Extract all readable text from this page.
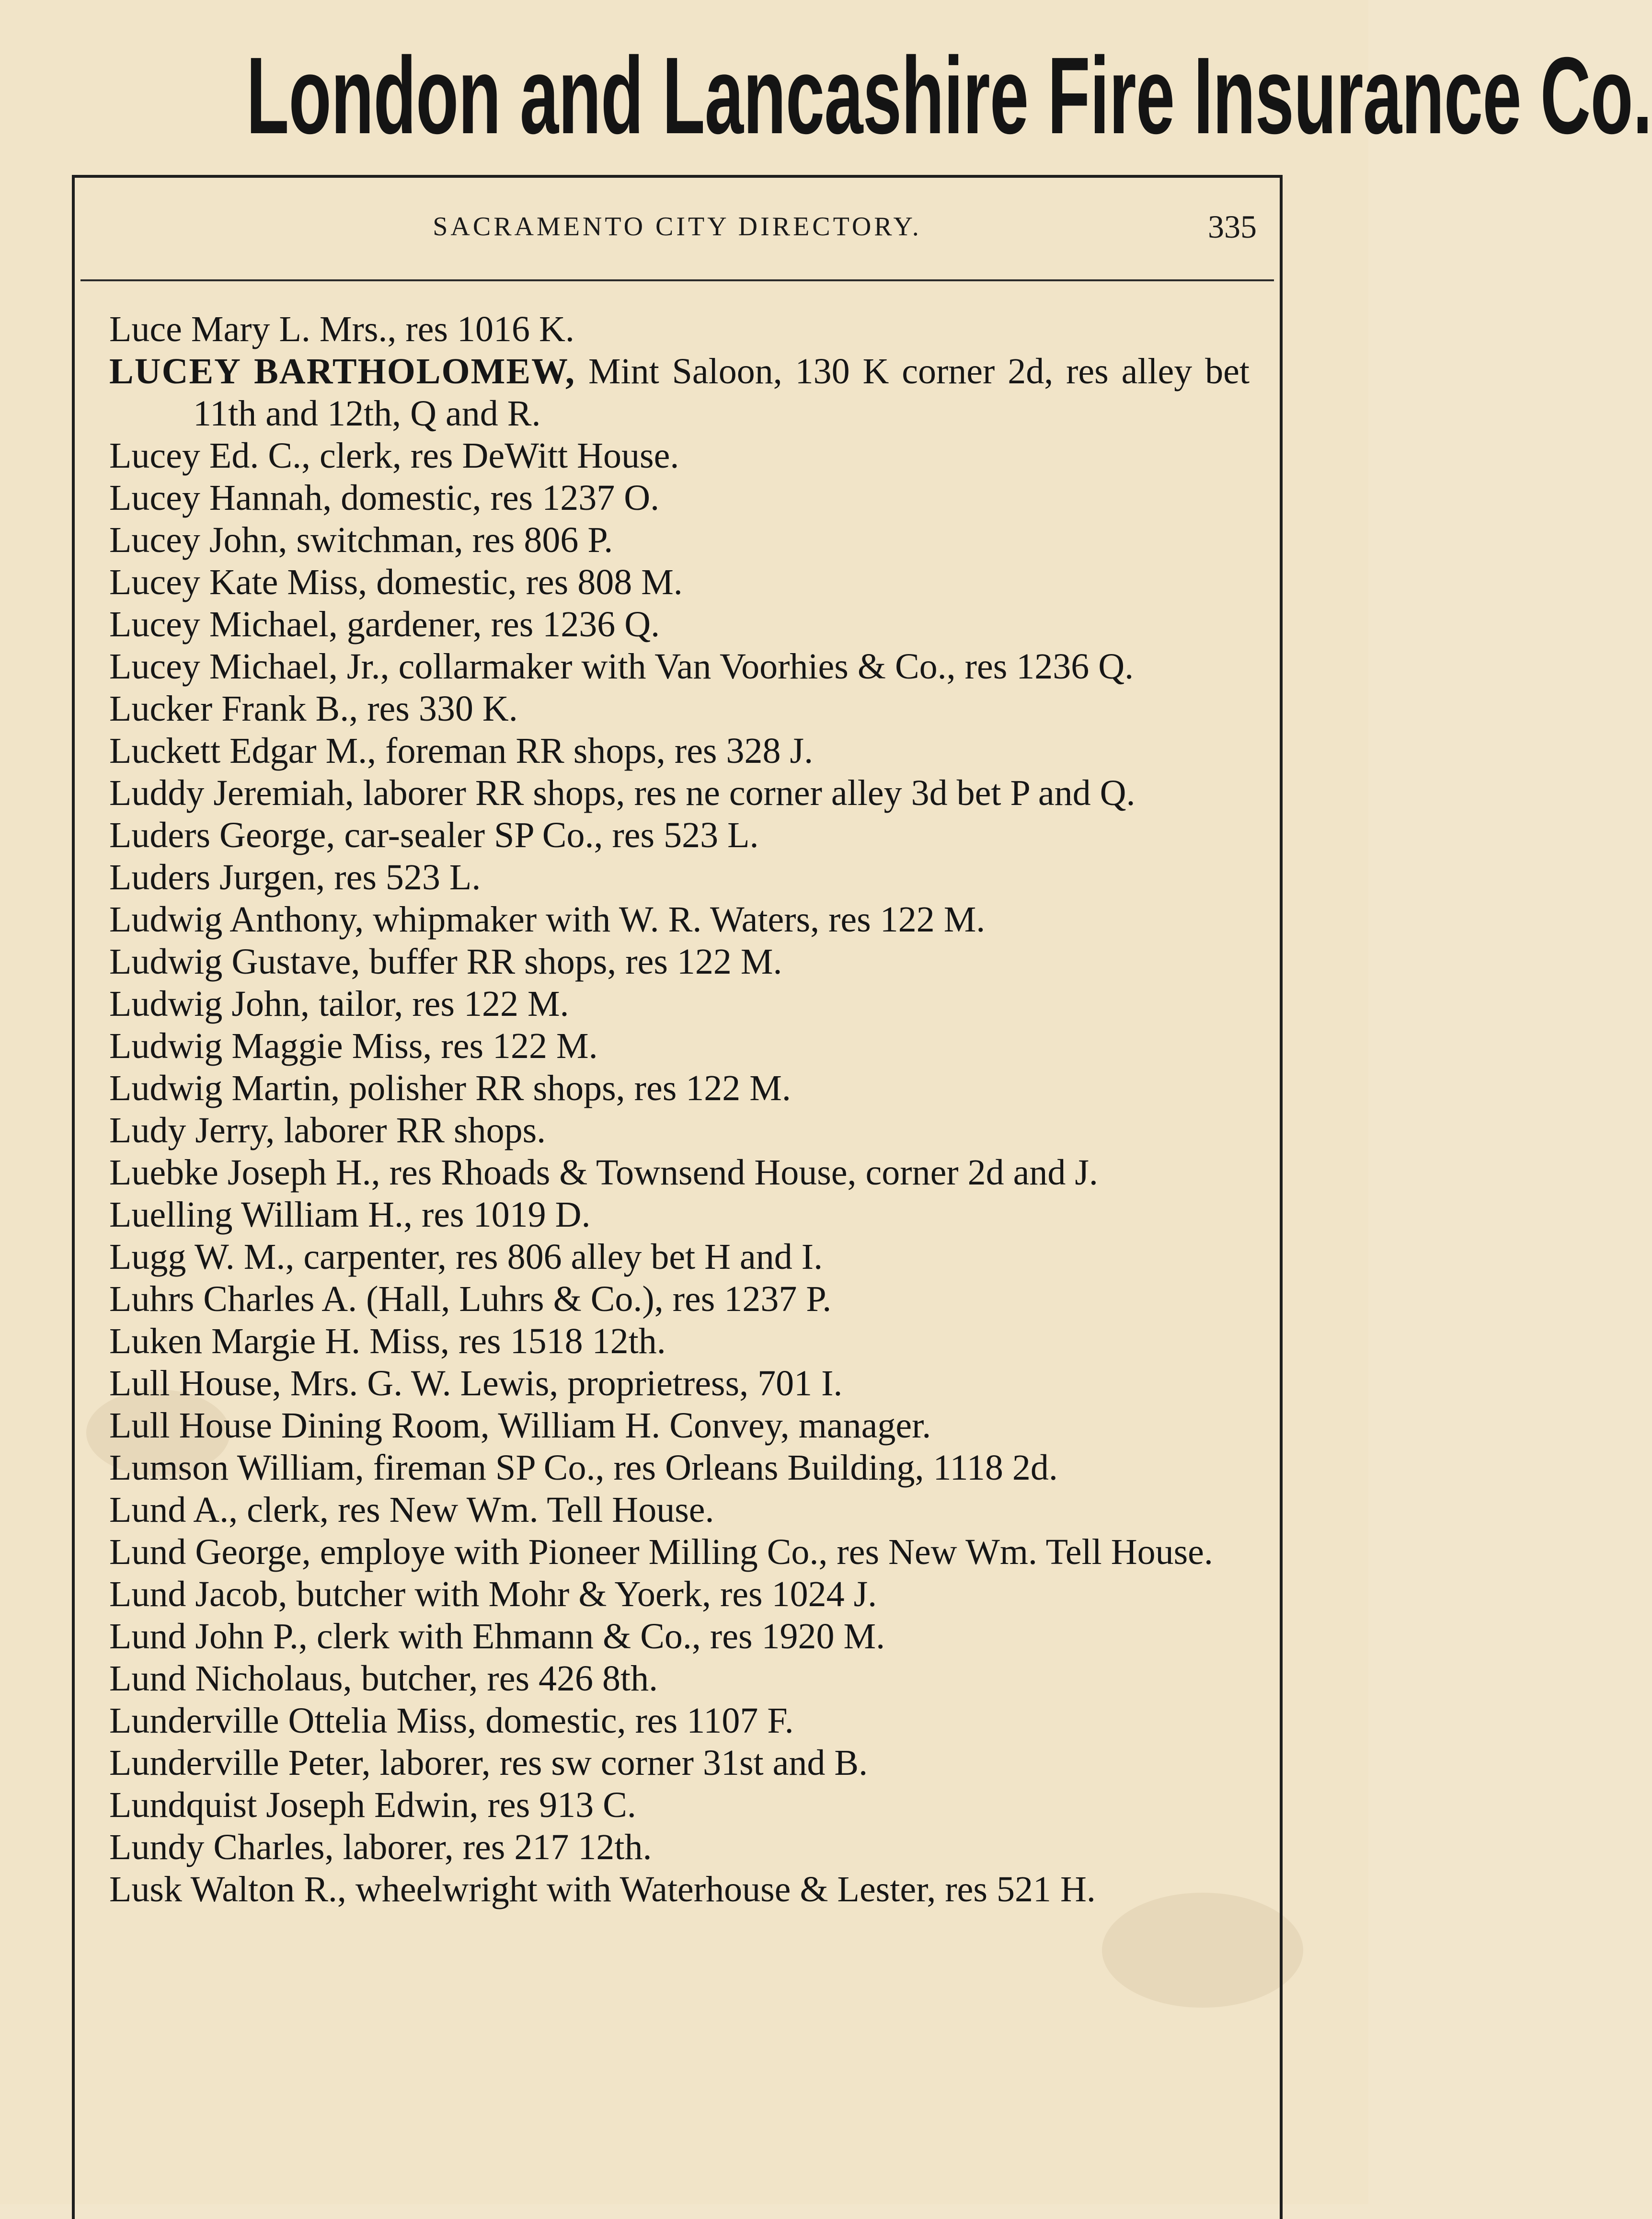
London and Lancashire Fire Insurance Co.
SACRAMENTO CITY DIRECTORY.	335

Luce Mary L. Mrs., res 1016 K.

LUCEY BARTHOLOMEW, Mint Saloon, 130 K corner 2d, res alley bet 11th and 12th, Q and R.

Lucey Ed. C., clerk, res DeWitt House.

Lucey Hannah, domestic, res 1237 O.

Lucey John, switchman, res 806 P.

Lucey Kate Miss, domestic, res 808 M.

Lucey Michael, gardener, res 1236 Q.

Lucey Michael, Jr., collarmaker with Van Voorhies & Co., res 1236 Q.

Lucker Frank B., res 330 K.

Luckett Edgar M., foreman RR shops, res 328 J.

Luddy Jeremiah, laborer RR shops, res ne corner alley 3d bet P and Q.

Luders George, car-sealer SP Co., res 523 L.

Luders Jurgen, res 523 L.

Ludwig Anthony, whipmaker with W. R. Waters, res 122 M.

Ludwig Gustave, buffer RR shops, res 122 M.

Ludwig John, tailor, res 122 M.

Ludwig Maggie Miss, res 122 M.

Ludwig Martin, polisher RR shops, res 122 M.

Ludy Jerry, laborer RR shops.

Luebke Joseph H., res Rhoads & Townsend House, corner 2d and J.

Luelling William H., res 1019 D.

Lugg W. M., carpenter, res 806 alley bet H and I.

Luhrs Charles A. (Hall, Luhrs & Co.), res 1237 P.

Luken Margie H. Miss, res 1518 12th.

Lull House, Mrs. G. W. Lewis, proprietress, 701 I.

Lull House Dining Room, William H. Convey, manager.

Lumson William, fireman SP Co., res Orleans Building, 1118 2d.

Lund A., clerk, res New Wm. Tell House.

Lund George, employe with Pioneer Milling Co., res New Wm. Tell House.

Lund Jacob, butcher with Mohr & Yoerk, res 1024 J.

Lund John P., clerk with Ehmann & Co., res 1920 M.

Lund Nicholaus, butcher, res 426 8th.

Lunderville Ottelia Miss, domestic, res 1107 F.

Lunderville Peter, laborer, res sw corner 31st and B.

Lundquist Joseph Edwin, res 913 C.

Lundy Charles, laborer, res 217 12th.

Lusk Walton R., wheelwright with Waterhouse & Lester, res 521 H.
